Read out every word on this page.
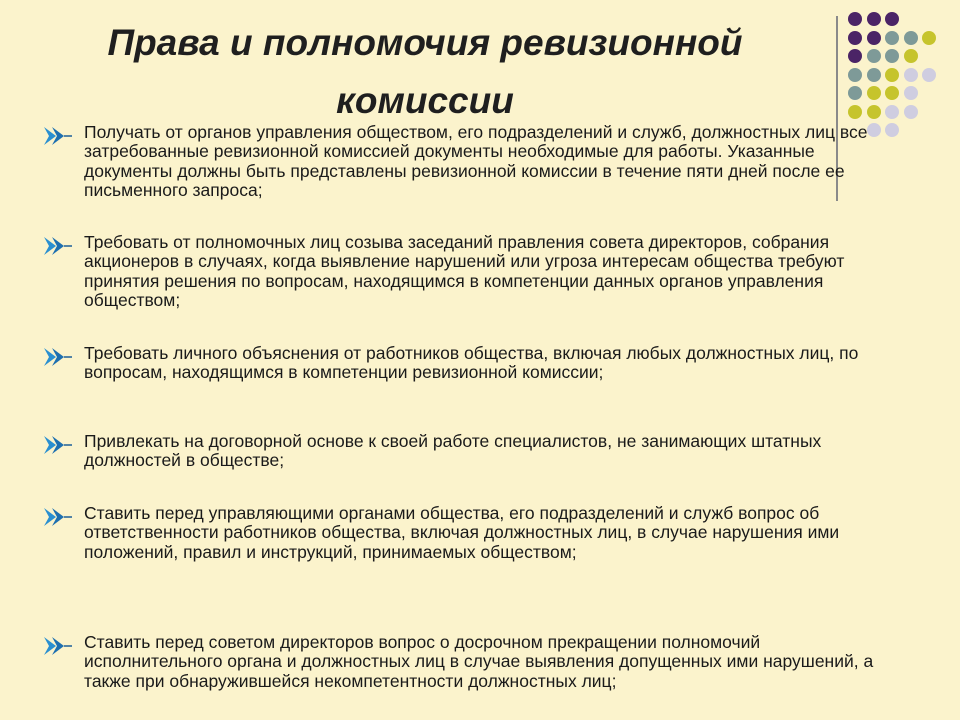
Права и полномочия ревизионной
комиссии
Получать от органов управления обществом, его подразделений и служб, должностных лиц все затребованные ревизионной комиссией документы необходимые для работы. Указанные документы должны быть представлены ревизионной комиссии в течение пяти дней после ее письменного запроса;
Требовать от полномочных лиц созыва заседаний правления совета директоров, собрания акционеров в случаях, когда выявление нарушений или угроза интересам общества требуют принятия решения по вопросам, находящимся в компетенции данных органов управления обществом;
Требовать личного объяснения от работников общества, включая любых должностных лиц, по вопросам, находящимся в компетенции ревизионной комиссии;
Привлекать на договорной основе к своей работе специалистов, не занимающих штатных должностей в обществе;
Ставить перед управляющими органами общества, его подразделений и служб вопрос об ответственности работников общества, включая должностных лиц, в случае нарушения ими положений, правил и инструкций, принимаемых обществом;
Ставить перед советом директоров вопрос о досрочном прекращении полномочий исполнительного органа и должностных лиц в случае выявления допущенных ими нарушений, а также при обнаружившейся некомпетентности должностных лиц;
